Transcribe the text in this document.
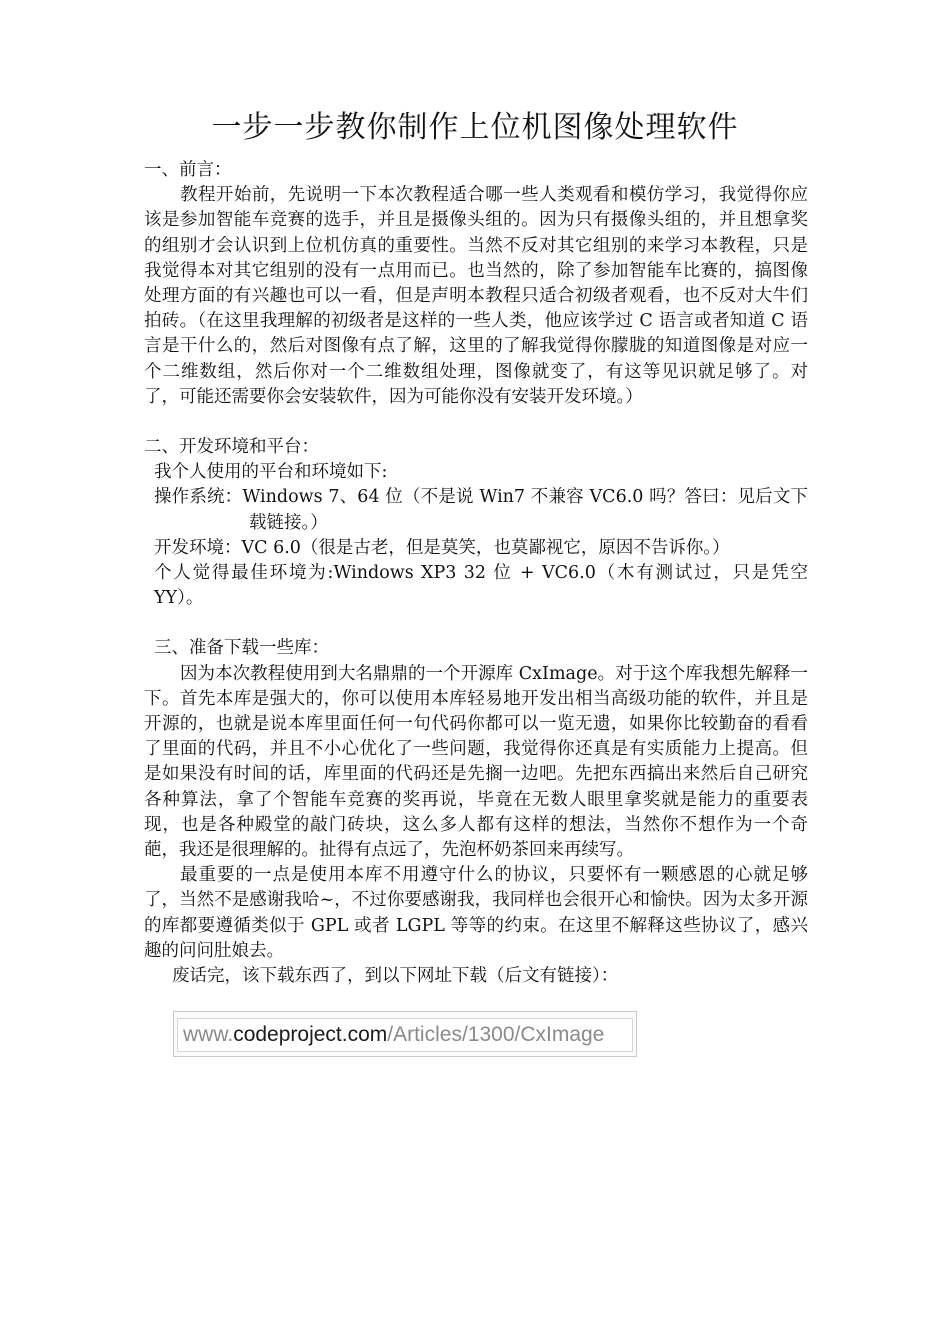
一步一步教你制作上位机图像处理软件

一、前言：

教程开始前，先说明一下本次教程适合哪一些人类观看和模仿学习，我觉得你应该是参加智能车竞赛的选手，并且是摄像头组的。因为只有摄像头组的，并且想拿奖的组别才会认识到上位机仿真的重要性。当然不反对其它组别的来学习本教程，只是我觉得本对其它组别的没有一点用而已。也当然的，除了参加智能车比赛的，搞图像处理方面的有兴趣也可以一看，但是声明本教程只适合初级者观看，也不反对大牛们拍砖。（在这里我理解的初级者是这样的一些人类，他应该学过 C 语言或者知道 C 语言是干什么的，然后对图像有点了解，这里的了解我觉得你朦胧的知道图像是对应一个二维数组，然后你对一个二维数组处理，图像就变了，有这等见识就足够了。对了，可能还需要你会安装软件，因为可能你没有安装开发环境。）

二、开发环境和平台：

我个人使用的平台和环境如下:

操作系统：Windows 7、64 位（不是说 Win7 不兼容 VC6.0 吗？答曰：见后文下载链接。）

开发环境：VC 6.0（很是古老，但是莫笑，也莫鄙视它，原因不告诉你。）

个人觉得最佳环境为:Windows XP3 32 位 + VC6.0（木有测试过，只是凭空 YY）。

三、准备下载一些库：

因为本次教程使用到大名鼎鼎的一个开源库 CxImage。对于这个库我想先解释一下。首先本库是强大的，你可以使用本库轻易地开发出相当高级功能的软件，并且是开源的，也就是说本库里面任何一句代码你都可以一览无遗，如果你比较勤奋的看看了里面的代码，并且不小心优化了一些问题，我觉得你还真是有实质能力上提高。但是如果没有时间的话，库里面的代码还是先搁一边吧。先把东西搞出来然后自己研究各种算法，拿了个智能车竞赛的奖再说，毕竟在无数人眼里拿奖就是能力的重要表现，也是各种殿堂的敲门砖块，这么多人都有这样的想法，当然你不想作为一个奇葩，我还是很理解的。扯得有点远了，先泡杯奶茶回来再续写。

最重要的一点是使用本库不用遵守什么的协议，只要怀有一颗感恩的心就足够了，当然不是感谢我哈~，不过你要感谢我，我同样也会很开心和愉快。因为太多开源的库都要遵循类似于 GPL 或者 LGPL 等等的约束。在这里不解释这些协议了，感兴趣的问问肚娘去。

废话完，该下载东西了，到以下网址下载（后文有链接）：

www.codeproject.com/Articles/1300/CxImage
